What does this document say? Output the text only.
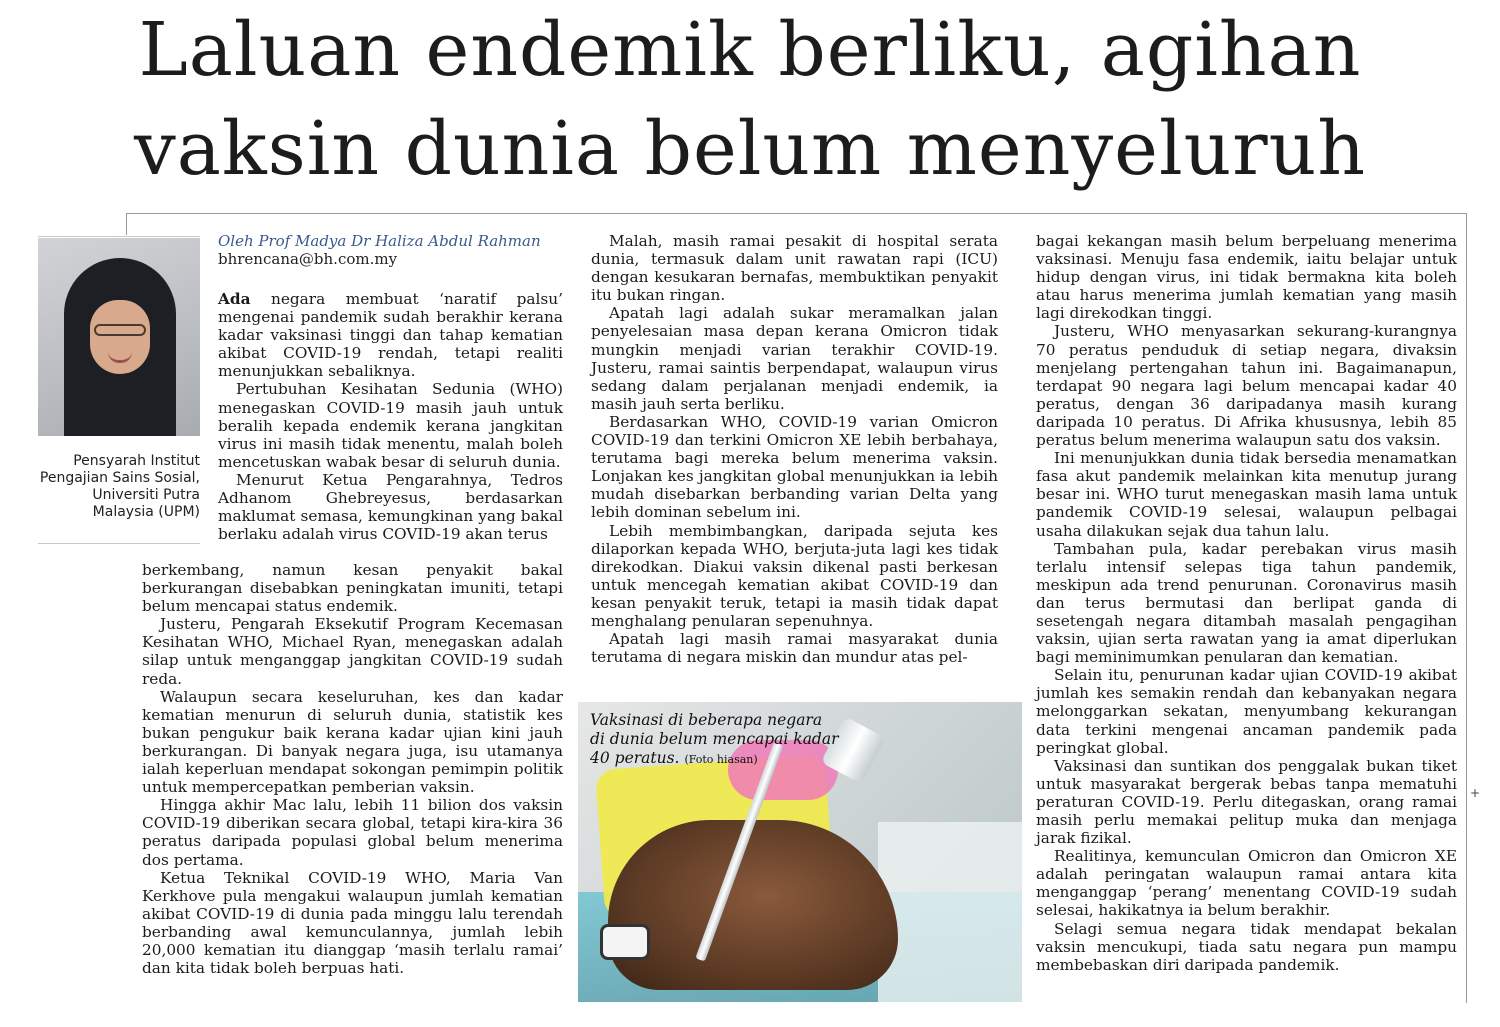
Laluan endemik berliku, agihan
vaksin dunia belum menyeluruh
Pensyarah Institut Pengajian Sains Sosial, Universiti Putra Malaysia (UPM)
Oleh Prof Madya Dr Haliza Abdul Rahman
bhrencana@bh.com.my

Ada negara membuat ‘naratif palsu’ mengenai pandemik sudah berakhir kerana kadar vaksinasi tinggi dan tahap kematian akibat COVID-19 rendah, tetapi realiti menunjukkan sebaliknya.

Pertubuhan Kesihatan Sedunia (WHO) menegaskan COVID-19 masih jauh untuk beralih kepada endemik kerana jangkitan virus ini masih tidak menentu, malah boleh mencetuskan wabak besar di seluruh dunia.

Menurut Ketua Pengarahnya, Tedros Adhanom Ghebreyesus, berdasarkan maklumat semasa, kemungkinan yang bakal berlaku adalah virus COVID-19 akan terus

berkembang, namun kesan penyakit bakal berkurangan disebabkan peningkatan imuniti, tetapi belum mencapai status endemik.

Justeru, Pengarah Eksekutif Program Kecemasan Kesihatan WHO, Michael Ryan, menegaskan adalah silap untuk menganggap jangkitan COVID-19 sudah reda.

Walaupun secara keseluruhan, kes dan kadar kematian menurun di seluruh dunia, statistik kes bukan pengukur baik kerana kadar ujian kini jauh berkurangan. Di banyak negara juga, isu utamanya ialah keperluan mendapat sokongan pemimpin politik untuk mempercepatkan pemberian vaksin.

Hingga akhir Mac lalu, lebih 11 bilion dos vaksin COVID-19 diberikan secara global, tetapi kira-kira 36 peratus daripada populasi global belum menerima dos pertama.

Ketua Teknikal COVID-19 WHO, Maria Van Kerkhove pula mengakui walaupun jumlah kematian akibat COVID-19 di dunia pada minggu lalu terendah berbanding awal kemunculannya, jumlah lebih 20,000 kematian itu dianggap ‘masih terlalu ramai’ dan kita tidak boleh berpuas hati.

Malah, masih ramai pesakit di hospital serata dunia, termasuk dalam unit rawatan rapi (ICU) dengan kesukaran bernafas, membuktikan penyakit itu bukan ringan.

Apatah lagi adalah sukar meramalkan jalan penyelesaian masa depan kerana Omicron tidak mungkin menjadi varian terakhir COVID-19. Justeru, ramai saintis berpendapat, walaupun virus sedang dalam perjalanan menjadi endemik, ia masih jauh serta berliku.

Berdasarkan WHO, COVID-19 varian Omicron COVID-19 dan terkini Omicron XE lebih berbahaya, terutama bagi mereka belum menerima vaksin. Lonjakan kes jangkitan global menunjukkan ia lebih mudah disebarkan berbanding varian Delta yang lebih dominan sebelum ini.

Lebih membimbangkan, daripada sejuta kes dilaporkan kepada WHO, berjuta-juta lagi kes tidak direkodkan. Diakui vaksin dikenal pasti berkesan untuk mencegah kematian akibat COVID-19 dan kesan penyakit teruk, tetapi ia masih tidak dapat menghalang penularan sepenuhnya.

Apatah lagi masih ramai masyarakat dunia terutama di negara miskin dan mundur atas pel-

Vaksinasi di beberapa negara di dunia belum mencapai kadar 40 peratus. (Foto hiasan)

bagai kekangan masih belum berpeluang menerima vaksinasi. Menuju fasa endemik, iaitu belajar untuk hidup dengan virus, ini tidak bermakna kita boleh atau harus menerima jumlah kematian yang masih lagi direkodkan tinggi.

Justeru, WHO menyasarkan sekurang-kurangnya 70 peratus penduduk di setiap negara, divaksin menjelang pertengahan tahun ini. Bagaimanapun, terdapat 90 negara lagi belum mencapai kadar 40 peratus, dengan 36 daripadanya masih kurang daripada 10 peratus. Di Afrika khususnya, lebih 85 peratus belum menerima walaupun satu dos vaksin.

Ini menunjukkan dunia tidak bersedia menamatkan fasa akut pandemik melainkan kita menutup jurang besar ini. WHO turut menegaskan masih lama untuk pandemik COVID-19 selesai, walaupun pelbagai usaha dilakukan sejak dua tahun lalu.

Tambahan pula, kadar perebakan virus masih terlalu intensif selepas tiga tahun pandemik, meskipun ada trend penurunan. Coronavirus masih dan terus bermutasi dan berlipat ganda di sesetengah negara ditambah masalah pengagihan vaksin, ujian serta rawatan yang ia amat diperlukan bagi meminimumkan penularan dan kematian.

Selain itu, penurunan kadar ujian COVID-19 akibat jumlah kes semakin rendah dan kebanyakan negara melonggarkan sekatan, menyumbang kekurangan data terkini mengenai ancaman pandemik pada peringkat global.

Vaksinasi dan suntikan dos penggalak bukan tiket untuk masyarakat bergerak bebas tanpa mematuhi peraturan COVID-19. Perlu ditegaskan, orang ramai masih perlu memakai pelitup muka dan menjaga jarak fizikal.

Realitinya, kemunculan Omicron dan Omicron XE adalah peringatan walaupun ramai antara kita menganggap ‘perang’ menentang COVID-19 sudah selesai, hakikatnya ia belum berakhir.

Selagi semua negara tidak mendapat bekalan vaksin mencukupi, tiada satu negara pun mampu membebaskan diri daripada pandemik.

+
